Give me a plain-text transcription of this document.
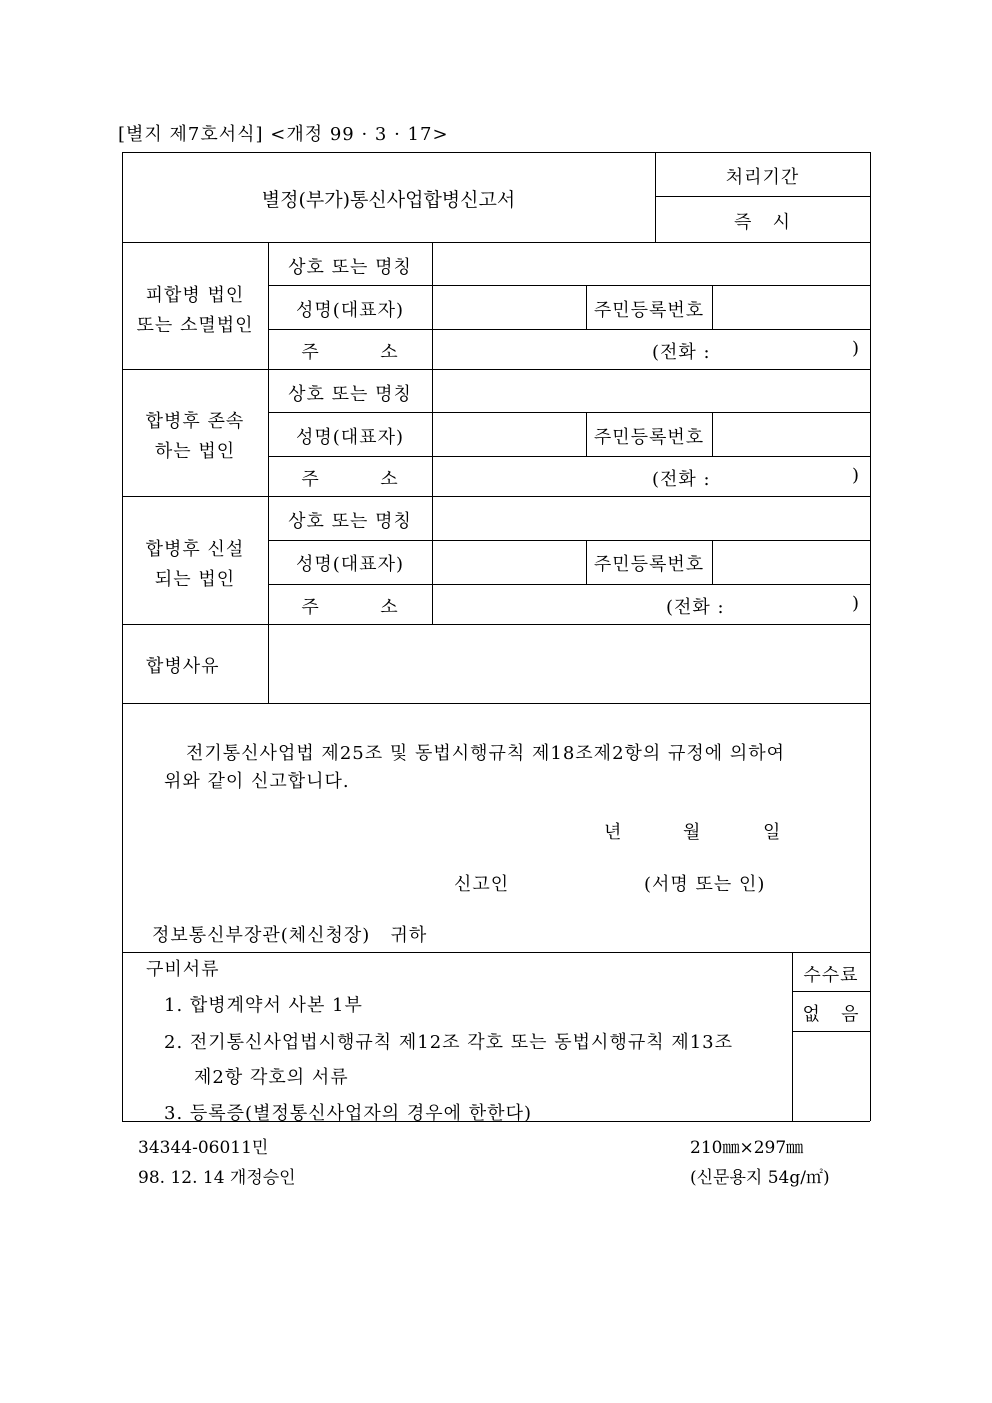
[별지 제7호서식] <개정 99 · 3 · 17>
별정(부가)통신사업합병신고서
처리기간
즉   시
피합병 법인
또는 소멸법인
상호 또는 명칭
성명(대표자)	주민등록번호
주         소	(전화 :	)
합병후 존속
하는 법인
상호 또는 명칭
성명(대표자)	주민등록번호
주         소	(전화 :	)
합병후 신설
되는 법인
상호 또는 명칭
성명(대표자)	주민등록번호
주         소	(전화 :	)
합병사유
전기통신사업법 제25조 및 동법시행규칙 제18조제2항의 규정에 의하여
위와 같이 신고합니다.
년	월	일
신고인	(서명 또는 인)
정보통신부장관(체신청장)   귀하
구비서류
1. 합병계약서 사본 1부
2. 전기통신사업법시행규칙 제12조 각호 또는 동법시행규칙 제13조
제2항 각호의 서류
3. 등록증(별정통신사업자의 경우에 한한다)
수수료
없   음
34344-06011민	210㎜×297㎜
98. 12. 14 개정승인	(신문용지 54g/㎡)
